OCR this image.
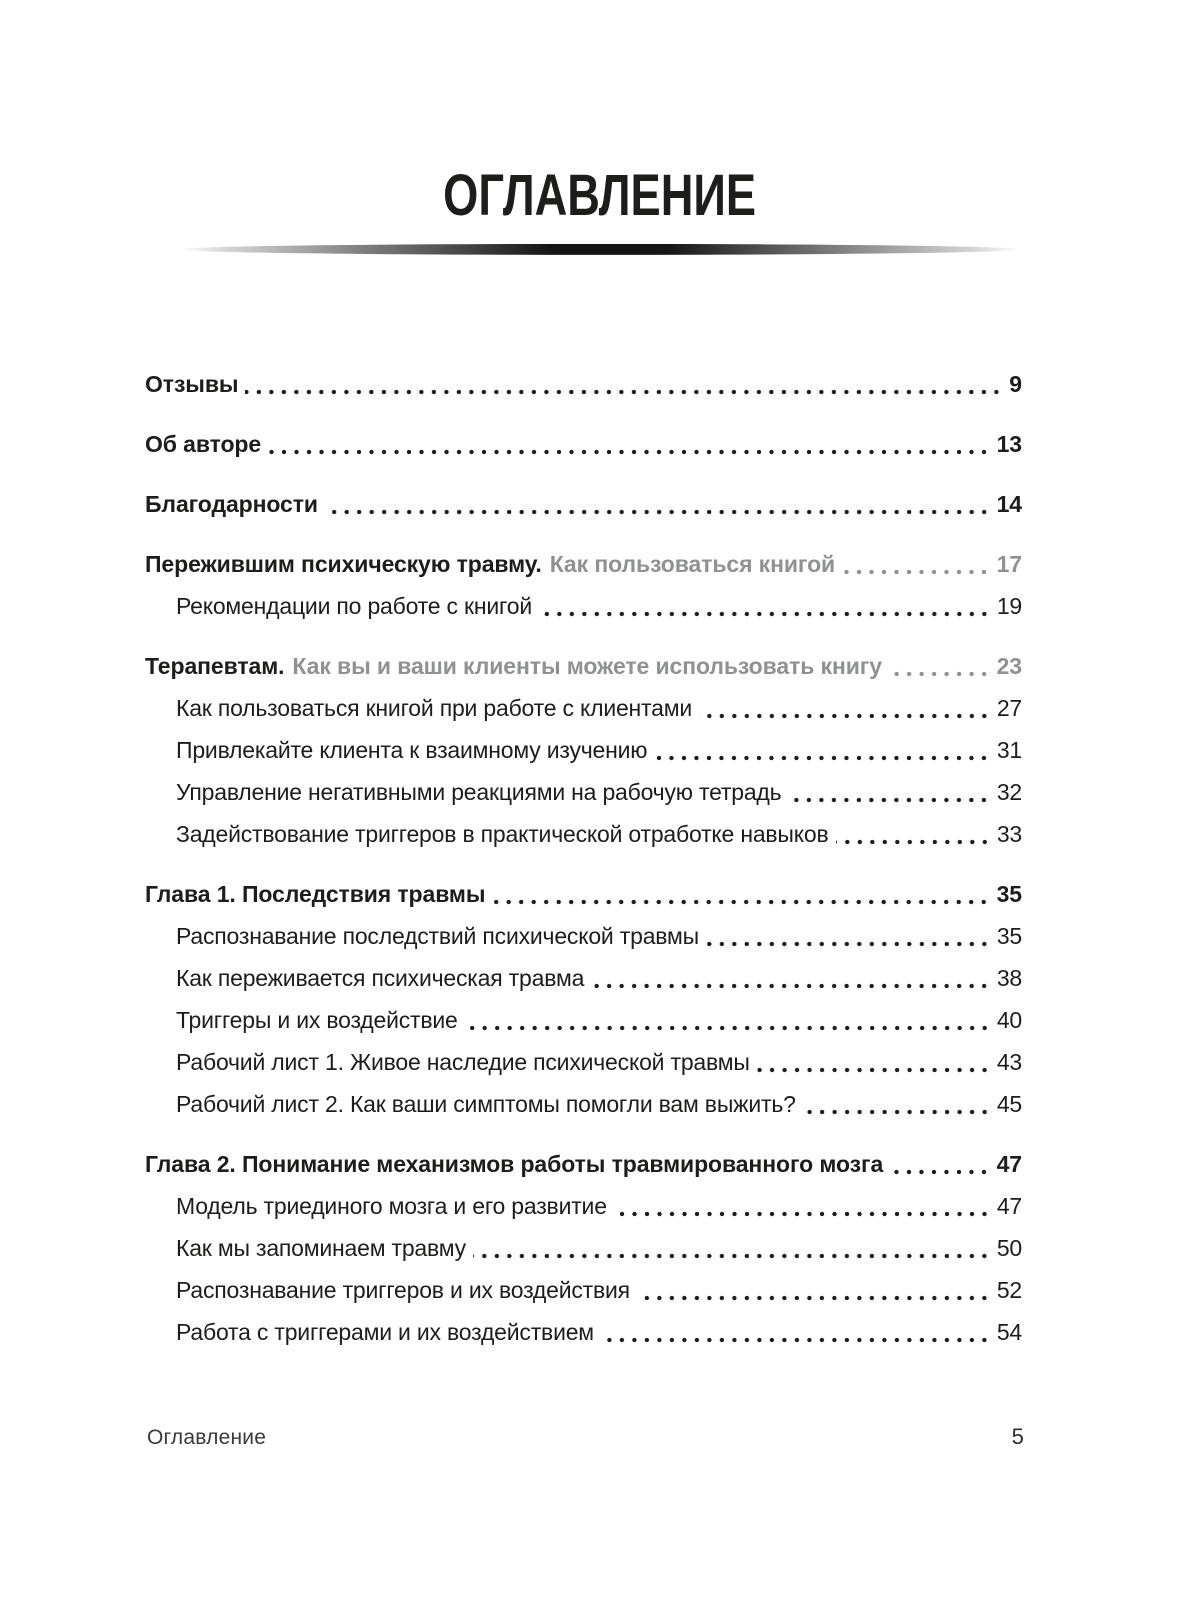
ОГЛАВЛЕНИЕ
Отзывы	9
Об авторе	13
Благодарности	14
Пережившим психическую травму. Как пользоваться книгой	17
Рекомендации по работе с книгой	19
Терапевтам. Как вы и ваши клиенты можете использовать книгу	23
Как пользоваться книгой при работе с клиентами	27
Привлекайте клиента к взаимному изучению	31
Управление негативными реакциями на рабочую тетрадь	32
Задействование триггеров в практической отработке навыков	33
Глава 1. Последствия травмы	35
Распознавание последствий психической травмы	35
Как переживается психическая травма	38
Триггеры и их воздействие	40
Рабочий лист 1. Живое наследие психической травмы	43
Рабочий лист 2. Как ваши симптомы помогли вам выжить?	45
Глава 2. Понимание механизмов работы травмированного мозга	47
Модель триединого мозга и его развитие	47
Как мы запоминаем травму	50
Распознавание триггеров и их воздействия	52
Работа с триггерами и их воздействием	54
Оглавление	5
